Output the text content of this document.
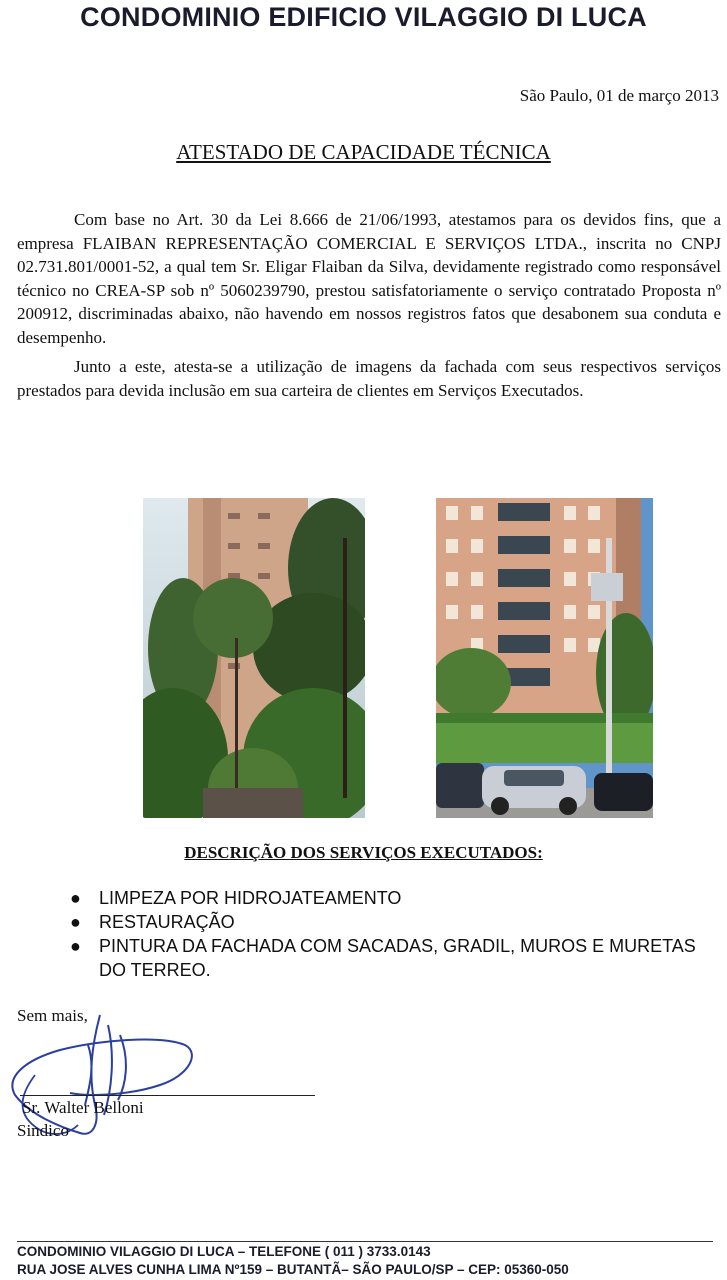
CONDOMINIO EDIFICIO VILAGGIO DI LUCA
São Paulo, 01 de março 2013
ATESTADO DE CAPACIDADE TÉCNICA

Com base no Art. 30 da Lei 8.666 de 21/06/1993, atestamos para os devidos fins, que a empresa FLAIBAN REPRESENTAÇÃO COMERCIAL E SERVIÇOS LTDA., inscrita no CNPJ 02.731.801/0001-52, a qual tem Sr. Eligar Flaiban da Silva, devidamente registrado como responsável técnico no CREA-SP sob nº 5060239790, prestou satisfatoriamente o serviço contratado Proposta nº 200912, discriminadas abaixo, não havendo em nossos registros fatos que desabonem sua conduta e desempenho.

Junto a este, atesta-se a utilização de imagens da fachada com seus respectivos serviços prestados para devida inclusão em sua carteira de clientes em Serviços Executados.

DESCRIÇÃO DOS SERVIÇOS EXECUTADOS:
● LIMPEZA POR HIDROJATEAMENTO
● RESTAURAÇÃO
● PINTURA DA FACHADA COM SACADAS, GRADIL, MUROS E MURETAS DO TERREO.
Sem mais,
Sr. Walter Belloni
Sindico
CONDOMINIO VILAGGIO DI LUCA – TELEFONE ( 011 ) 3733.0143
RUA JOSE ALVES CUNHA LIMA Nº159 – BUTANTÃ– SÃO PAULO/SP – CEP: 05360-050
